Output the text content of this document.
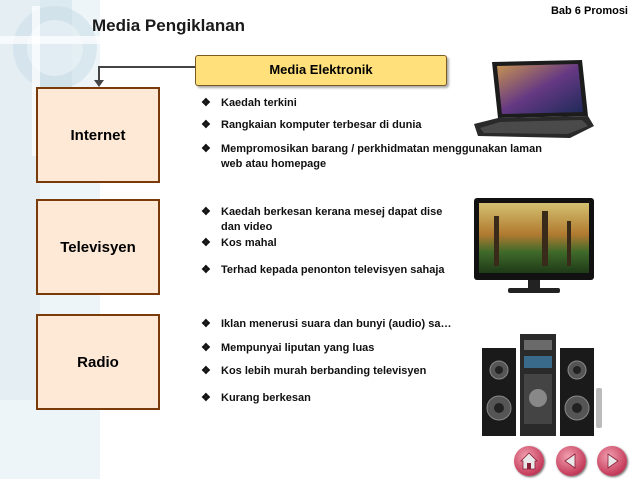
Bab 6 Promosi
Media Pengiklanan
Media Elektronik
Internet
Televisyen
Radio
❖ Kaedah terkini
❖ Rangkaian komputer terbesar di dunia
❖ Mempromosikan barang / perkhidmatan menggunakan laman
web atau homepage
❖ Kaedah berkesan kerana mesej dapat dise
dan video
❖ Kos mahal
❖ Terhad kepada penonton televisyen sahaja
❖ Iklan menerusi suara dan bunyi (audio) sa…
❖ Mempunyai liputan yang luas
❖ Kos lebih murah berbanding televisyen
❖ Kurang berkesan
